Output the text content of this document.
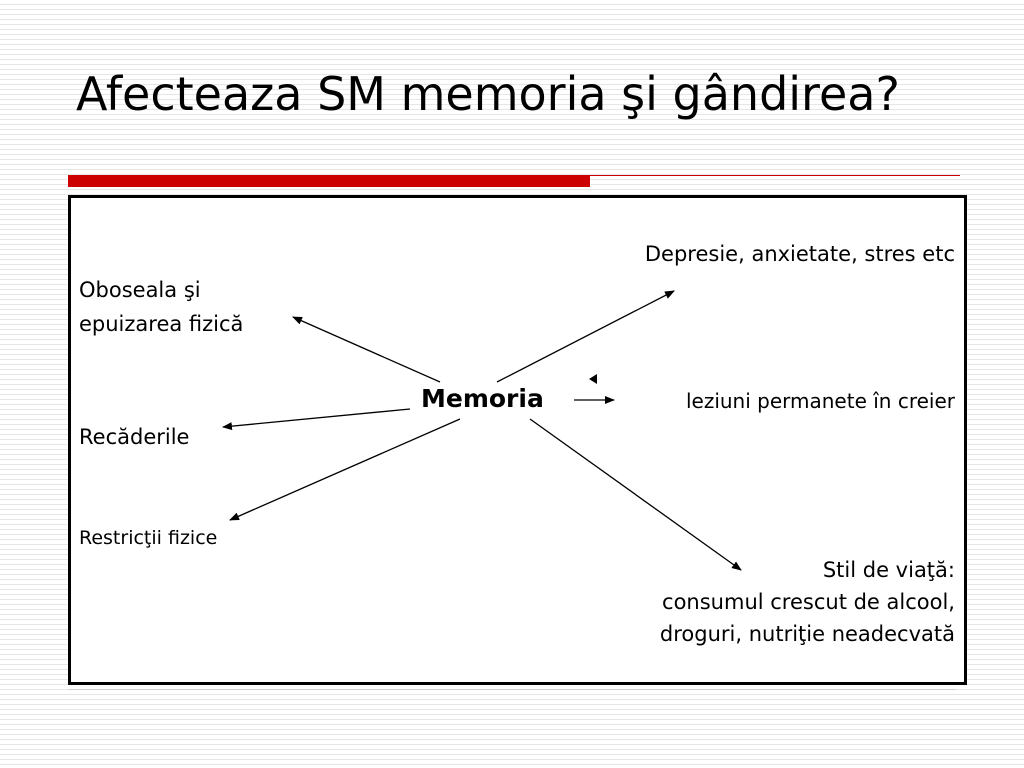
Afecteaza SM memoria şi gândirea?
Depresie, anxietate, stres etc
Oboseala şi
epuizarea fizică
Memoria	leziuni permanete în creier
Recăderile
Restricţii fizice
Stil de viaţă:
consumul crescut de alcool,
droguri, nutriţie neadecvată
